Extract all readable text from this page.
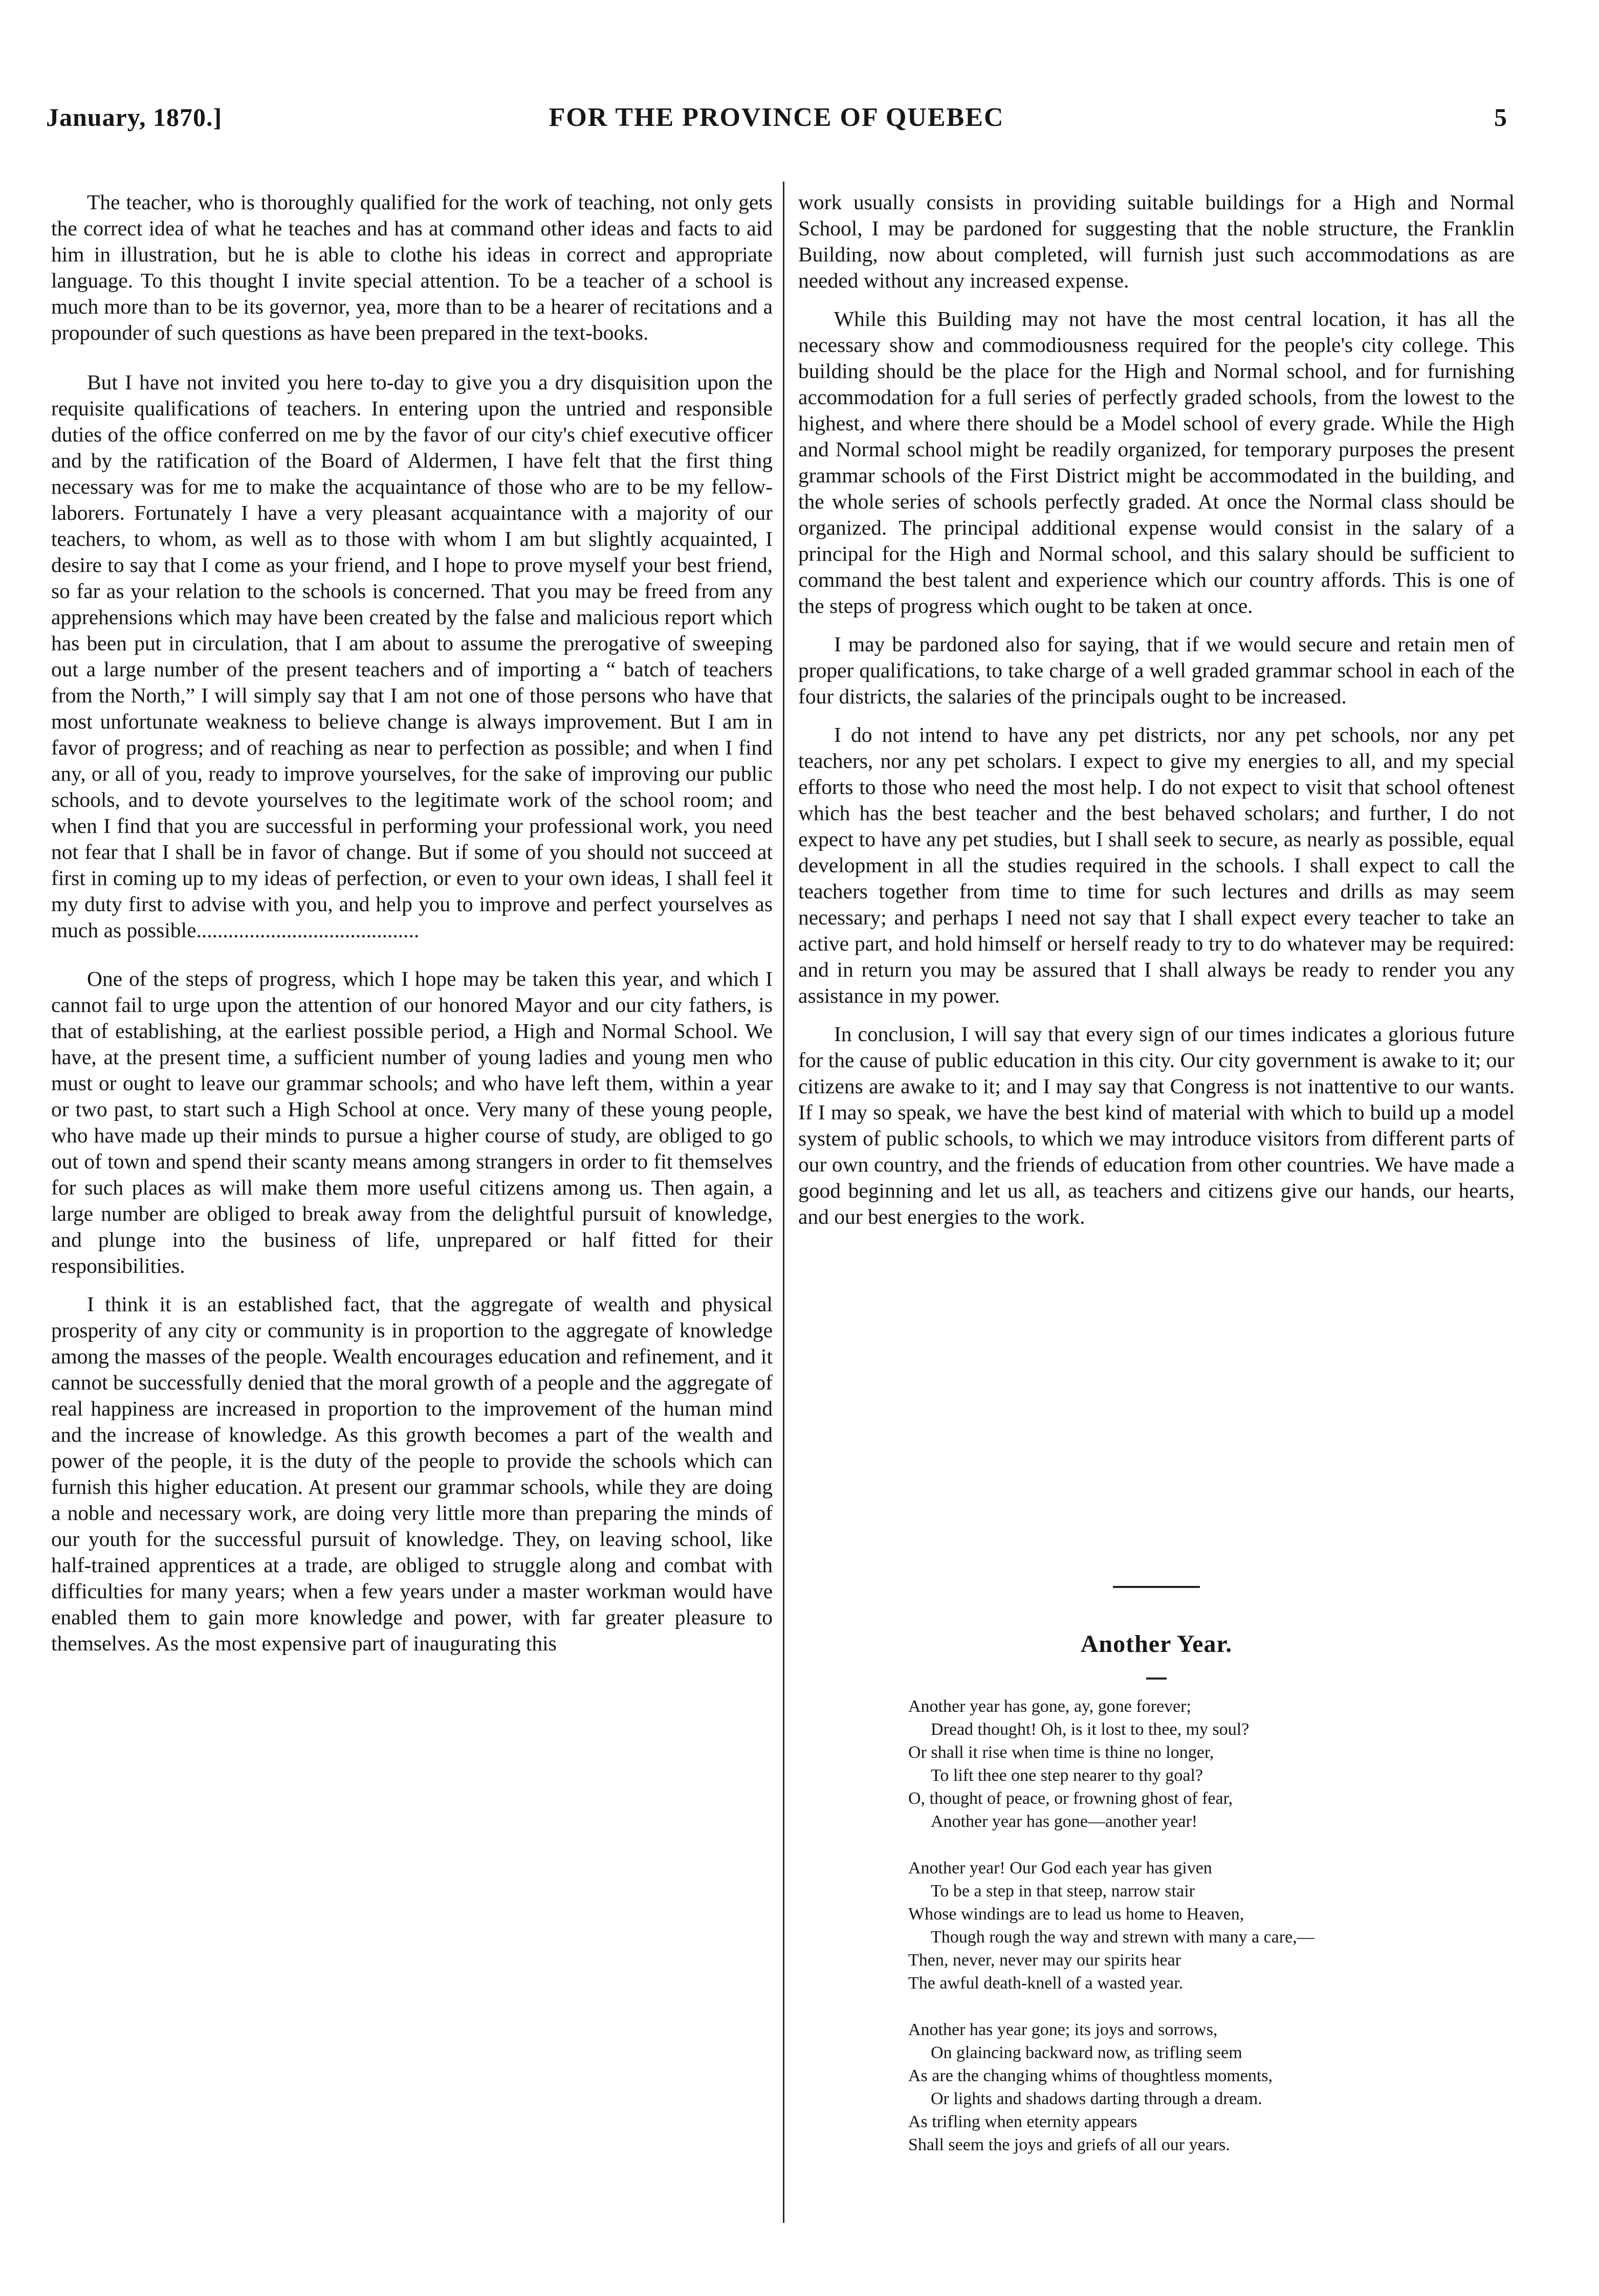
January, 1870.]	FOR THE PROVINCE OF QUEBEC	5

The teacher, who is thoroughly qualified for the work of teaching, not only gets the correct idea of what he teaches and has at command other ideas and facts to aid him in illustration, but he is able to clothe his ideas in correct and appropriate language. To this thought I invite special attention. To be a teacher of a school is much more than to be its governor, yea, more than to be a hearer of recitations and a propounder of such questions as have been prepared in the text-books.

But I have not invited you here to-day to give you a dry disquisition upon the requisite qualifications of teachers. In entering upon the untried and responsible duties of the office conferred on me by the favor of our city's chief executive officer and by the ratification of the Board of Aldermen, I have felt that the first thing necessary was for me to make the acquaintance of those who are to be my fellow-laborers. Fortunately I have a very pleasant acquaintance with a majority of our teachers, to whom, as well as to those with whom I am but slightly acquainted, I desire to say that I come as your friend, and I hope to prove myself your best friend, so far as your relation to the schools is concerned. That you may be freed from any apprehensions which may have been created by the false and malicious report which has been put in circulation, that I am about to assume the prerogative of sweeping out a large number of the present teachers and of importing a “ batch of teachers from the North,” I will simply say that I am not one of those persons who have that most unfortunate weakness to believe change is always improvement. But I am in favor of progress; and of reaching as near to perfection as possible; and when I find any, or all of you, ready to improve yourselves, for the sake of improving our public schools, and to devote yourselves to the legitimate work of the school room; and when I find that you are successful in performing your professional work, you need not fear that I shall be in favor of change. But if some of you should not succeed at first in coming up to my ideas of perfection, or even to your own ideas, I shall feel it my duty first to advise with you, and help you to improve and perfect yourselves as much as possible..........................................

One of the steps of progress, which I hope may be taken this year, and which I cannot fail to urge upon the attention of our honored Mayor and our city fathers, is that of establishing, at the earliest possible period, a High and Normal School. We have, at the present time, a sufficient number of young ladies and young men who must or ought to leave our grammar schools; and who have left them, within a year or two past, to start such a High School at once. Very many of these young people, who have made up their minds to pursue a higher course of study, are obliged to go out of town and spend their scanty means among strangers in order to fit themselves for such places as will make them more useful citizens among us. Then again, a large number are obliged to break away from the delightful pursuit of knowledge, and plunge into the business of life, unprepared or half fitted for their responsibilities.

I think it is an established fact, that the aggregate of wealth and physical prosperity of any city or community is in proportion to the aggregate of knowledge among the masses of the people. Wealth encourages education and refinement, and it cannot be successfully denied that the moral growth of a people and the aggregate of real happiness are increased in proportion to the improvement of the human mind and the increase of knowledge. As this growth becomes a part of the wealth and power of the people, it is the duty of the people to provide the schools which can furnish this higher education. At present our grammar schools, while they are doing a noble and necessary work, are doing very little more than preparing the minds of our youth for the successful pursuit of knowledge. They, on leaving school, like half-trained apprentices at a trade, are obliged to struggle along and combat with difficulties for many years; when a few years under a master workman would have enabled them to gain more knowledge and power, with far greater pleasure to themselves. As the most expensive part of inaugurating this

work usually consists in providing suitable buildings for a High and Normal School, I may be pardoned for suggesting that the noble structure, the Franklin Building, now about completed, will furnish just such accommodations as are needed without any increased expense.

While this Building may not have the most central location, it has all the necessary show and commodiousness required for the people's city college. This building should be the place for the High and Normal school, and for furnishing accommodation for a full series of perfectly graded schools, from the lowest to the highest, and where there should be a Model school of every grade. While the High and Normal school might be readily organized, for temporary purposes the present grammar schools of the First District might be accommodated in the building, and the whole series of schools perfectly graded. At once the Normal class should be organized. The principal additional expense would consist in the salary of a principal for the High and Normal school, and this salary should be sufficient to command the best talent and experience which our country affords. This is one of the steps of progress which ought to be taken at once.

I may be pardoned also for saying, that if we would secure and retain men of proper qualifications, to take charge of a well graded grammar school in each of the four districts, the salaries of the principals ought to be increased.

I do not intend to have any pet districts, nor any pet schools, nor any pet teachers, nor any pet scholars. I expect to give my energies to all, and my special efforts to those who need the most help. I do not expect to visit that school oftenest which has the best teacher and the best behaved scholars; and further, I do not expect to have any pet studies, but I shall seek to secure, as nearly as possible, equal development in all the studies required in the schools. I shall expect to call the teachers together from time to time for such lectures and drills as may seem necessary; and perhaps I need not say that I shall expect every teacher to take an active part, and hold himself or herself ready to try to do whatever may be required: and in return you may be assured that I shall always be ready to render you any assistance in my power.

In conclusion, I will say that every sign of our times indicates a glorious future for the cause of public education in this city. Our city government is awake to it; our citizens are awake to it; and I may say that Congress is not inattentive to our wants. If I may so speak, we have the best kind of material with which to build up a model system of public schools, to which we may introduce visitors from different parts of our own country, and the friends of education from other countries. We have made a good beginning and let us all, as teachers and citizens give our hands, our hearts, and our best energies to the work.

Another Year.
Another year has gone, ay, gone forever;
Dread thought! Oh, is it lost to thee, my soul?
Or shall it rise when time is thine no longer,
To lift thee one step nearer to thy goal?
O, thought of peace, or frowning ghost of fear,
Another year has gone—another year!
Another year! Our God each year has given
To be a step in that steep, narrow stair
Whose windings are to lead us home to Heaven,
Though rough the way and strewn with many a care,—
Then, never, never may our spirits hear
The awful death-knell of a wasted year.
Another has year gone; its joys and sorrows,
On glaincing backward now, as trifling seem
As are the changing whims of thoughtless moments,
Or lights and shadows darting through a dream.
As trifling when eternity appears
Shall seem the joys and griefs of all our years.
